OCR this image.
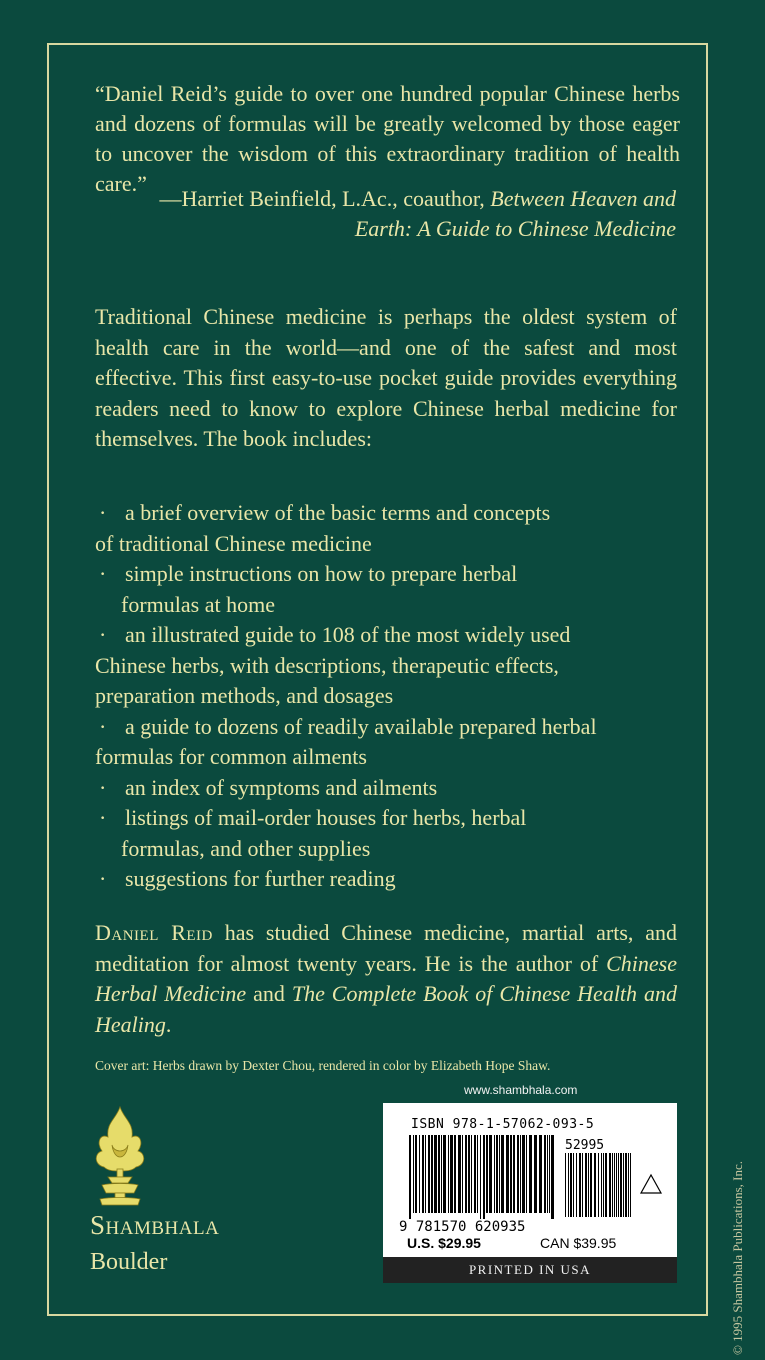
“Daniel Reid’s guide to over one hundred popular Chinese herbs and dozens of formulas will be greatly welcomed by those eager to uncover the wisdom of this extraordinary tradition of health care.”
—Harriet Beinfield, L.Ac., coauthor, Between Heaven and
Earth: A Guide to Chinese Medicine
Traditional Chinese medicine is perhaps the oldest system of health care in the world—and one of the safest and most effective. This first easy-to-use pocket guide provides everything readers need to know to explore Chinese herbal medicine for themselves. The book includes:
· a brief overview of the basic terms and concepts
of traditional Chinese medicine
· simple instructions on how to prepare herbal
formulas at home
· an illustrated guide to 108 of the most widely used
Chinese herbs, with descriptions, therapeutic effects,
preparation methods, and dosages
· a guide to dozens of readily available prepared herbal
formulas for common ailments
· an index of symptoms and ailments
· listings of mail-order houses for herbs, herbal
formulas, and other supplies
· suggestions for further reading
Daniel Reid has studied Chinese medicine, martial arts, and meditation for almost twenty years. He is the author of Chinese Herbal Medicine and The Complete Book of Chinese Health and Healing.
Cover art: Herbs drawn by Dexter Chou, rendered in color by Elizabeth Hope Shaw.
www.shambhala.com
© 1995 Shambhala Publications, Inc.
Shambhala
Boulder
ISBN 978-1-57062-093-5
52995
9 781570 620935
U.S. $29.95	CAN $39.95
PRINTED IN USA
